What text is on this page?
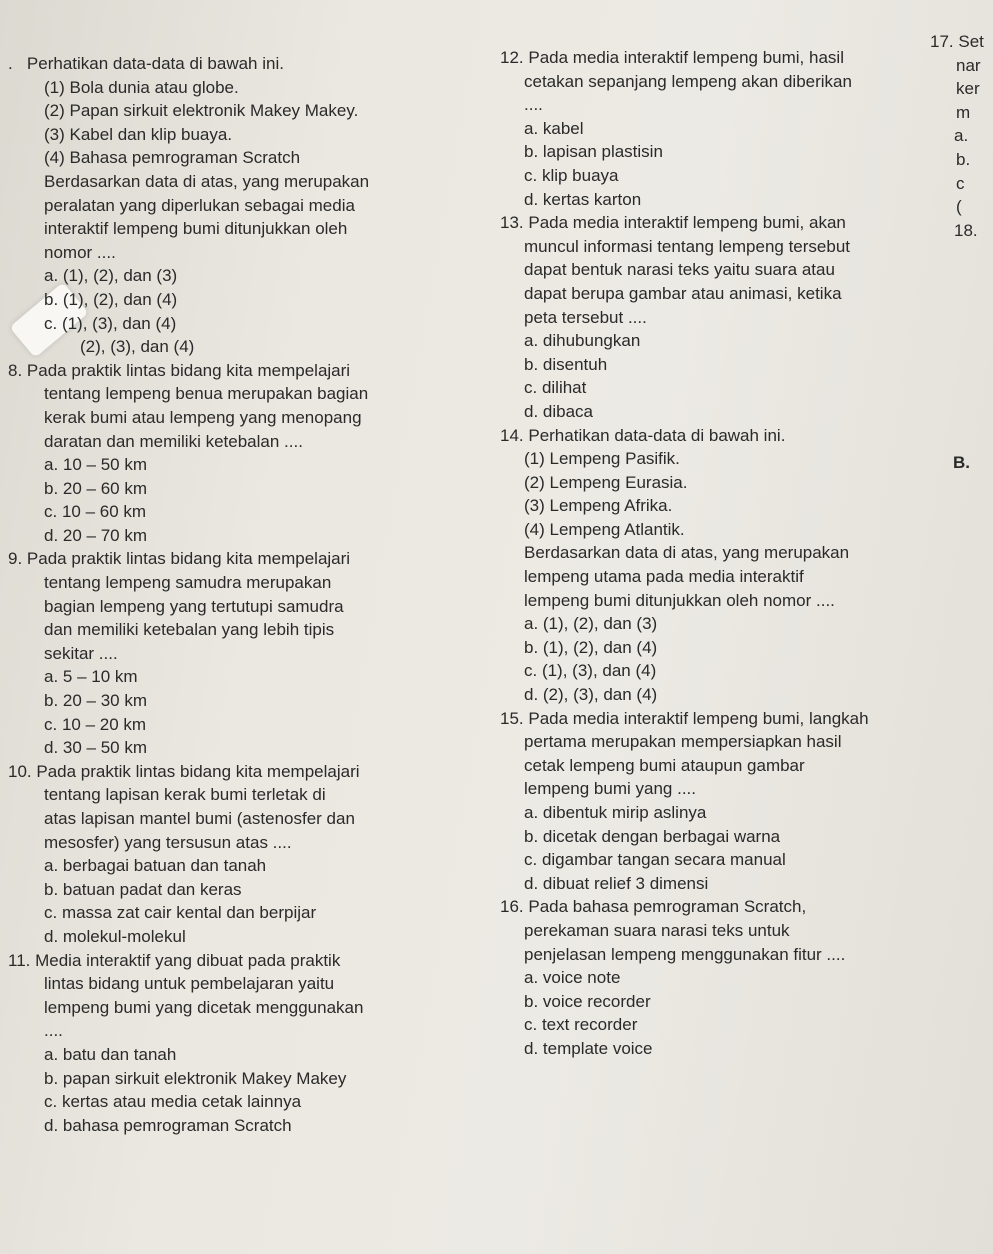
. Perhatikan data-data di bawah ini.

(1) Bola dunia atau globe.

(2) Papan sirkuit elektronik Makey Makey.

(3) Kabel dan klip buaya.

(4) Bahasa pemrograman Scratch

Berdasarkan data di atas, yang merupakan

peralatan yang diperlukan sebagai media

interaktif lempeng bumi ditunjukkan oleh

nomor ....

a. (1), (2), dan (3)

b. (1), (2), dan (4)

c. (1), (3), dan (4)

(2), (3), dan (4)

8. Pada praktik lintas bidang kita mempelajari

tentang lempeng benua merupakan bagian

kerak bumi atau lempeng yang menopang

daratan dan memiliki ketebalan ....

a. 10 – 50 km

b. 20 – 60 km

c. 10 – 60 km

d. 20 – 70 km

9. Pada praktik lintas bidang kita mempelajari

tentang lempeng samudra merupakan

bagian lempeng yang tertutupi samudra

dan memiliki ketebalan yang lebih tipis

sekitar ....

a. 5 – 10 km

b. 20 – 30 km

c. 10 – 20 km

d. 30 – 50 km

10. Pada praktik lintas bidang kita mempelajari

tentang lapisan kerak bumi terletak di

atas lapisan mantel bumi (astenosfer dan

mesosfer) yang tersusun atas ....

a. berbagai batuan dan tanah

b. batuan padat dan keras

c. massa zat cair kental dan berpijar

d. molekul-molekul

11. Media interaktif yang dibuat pada praktik

lintas bidang untuk pembelajaran yaitu

lempeng bumi yang dicetak menggunakan

....

a. batu dan tanah

b. papan sirkuit elektronik Makey Makey

c. kertas atau media cetak lainnya

d. bahasa pemrograman Scratch

12. Pada media interaktif lempeng bumi, hasil

cetakan sepanjang lempeng akan diberikan

....

a. kabel

b. lapisan plastisin

c. klip buaya

d. kertas karton

13. Pada media interaktif lempeng bumi, akan

muncul informasi tentang lempeng tersebut

dapat bentuk narasi teks yaitu suara atau

dapat berupa gambar atau animasi, ketika

peta tersebut ....

a. dihubungkan

b. disentuh

c. dilihat

d. dibaca

14. Perhatikan data-data di bawah ini.

(1) Lempeng Pasifik.

(2) Lempeng Eurasia.

(3) Lempeng Afrika.

(4) Lempeng Atlantik.

Berdasarkan data di atas, yang merupakan

lempeng utama pada media interaktif

lempeng bumi ditunjukkan oleh nomor ....

a. (1), (2), dan (3)

b. (1), (2), dan (4)

c. (1), (3), dan (4)

d. (2), (3), dan (4)

15. Pada media interaktif lempeng bumi, langkah

pertama merupakan mempersiapkan hasil

cetak lempeng bumi ataupun gambar

lempeng bumi yang ....

a. dibentuk mirip aslinya

b. dicetak dengan berbagai warna

c. digambar tangan secara manual

d. dibuat relief 3 dimensi

16. Pada bahasa pemrograman Scratch,

perekaman suara narasi teks untuk

penjelasan lempeng menggunakan fitur ....

a. voice note

b. voice recorder

c. text recorder

d. template voice

17. Set

nar

ker

m

a.

b.

c

(

18.

B.
